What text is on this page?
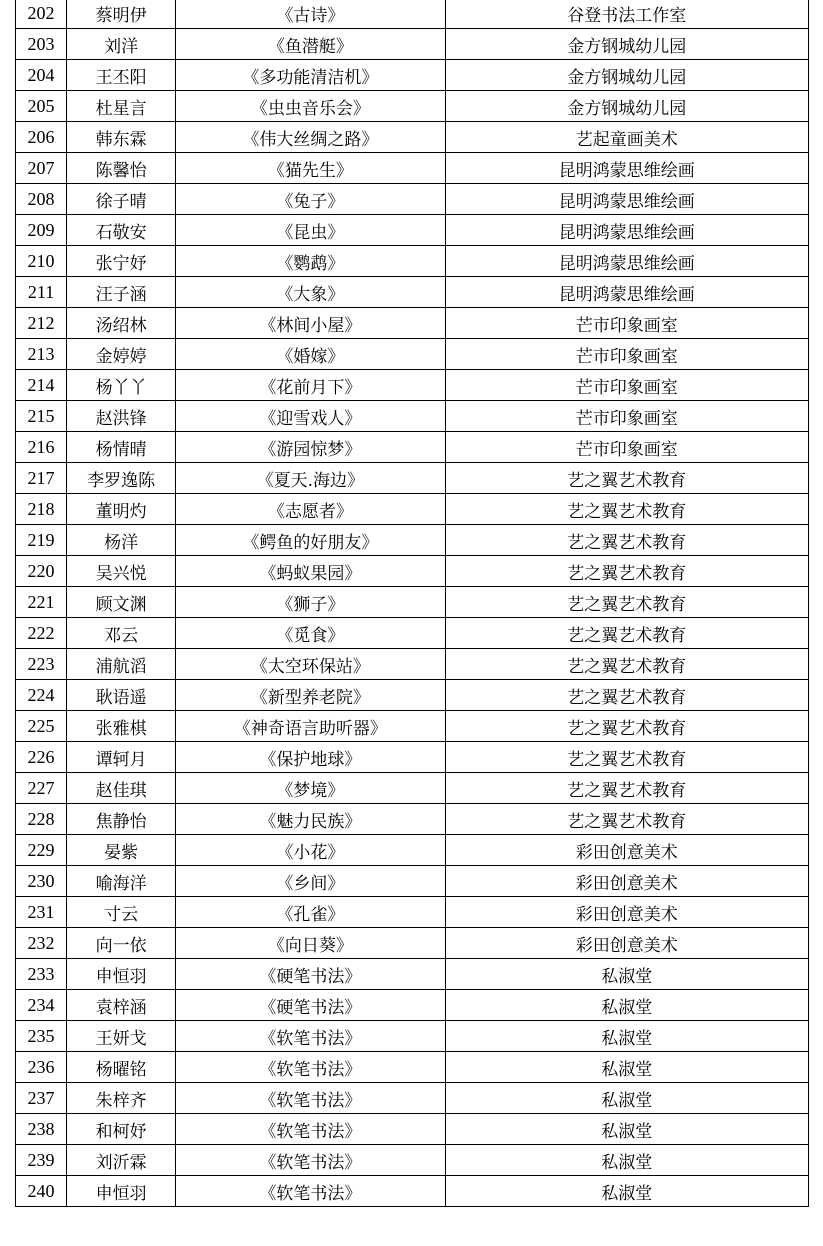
202	蔡明伊	《古诗》	谷登书法工作室
203	刘洋	《鱼潜艇》	金方钢城幼儿园
204	王丕阳	《多功能清洁机》	金方钢城幼儿园
205	杜星言	《虫虫音乐会》	金方钢城幼儿园
206	韩东霖	《伟大丝绸之路》	艺起童画美术
207	陈馨怡	《猫先生》	昆明鸿蒙思维绘画
208	徐子晴	《兔子》	昆明鸿蒙思维绘画
209	石敬安	《昆虫》	昆明鸿蒙思维绘画
210	张宁妤	《鹦鹉》	昆明鸿蒙思维绘画
211	汪子涵	《大象》	昆明鸿蒙思维绘画
212	汤绍林	《林间小屋》	芒市印象画室
213	金婷婷	《婚嫁》	芒市印象画室
214	杨丫丫	《花前月下》	芒市印象画室
215	赵洪锋	《迎雪戏人》	芒市印象画室
216	杨情晴	《游园惊梦》	芒市印象画室
217	李罗逸陈	《夏天.海边》	艺之翼艺术教育
218	董明灼	《志愿者》	艺之翼艺术教育
219	杨洋	《鳄鱼的好朋友》	艺之翼艺术教育
220	吴兴悦	《蚂蚁果园》	艺之翼艺术教育
221	顾文渊	《狮子》	艺之翼艺术教育
222	邓云	《觅食》	艺之翼艺术教育
223	浦航滔	《太空环保站》	艺之翼艺术教育
224	耿语遥	《新型养老院》	艺之翼艺术教育
225	张雅棋	《神奇语言助听器》	艺之翼艺术教育
226	谭轲月	《保护地球》	艺之翼艺术教育
227	赵佳琪	《梦境》	艺之翼艺术教育
228	焦静怡	《魅力民族》	艺之翼艺术教育
229	晏紫	《小花》	彩田创意美术
230	喻海洋	《乡间》	彩田创意美术
231	寸云	《孔雀》	彩田创意美术
232	向一依	《向日葵》	彩田创意美术
233	申恒羽	《硬笔书法》	私淑堂
234	袁梓涵	《硬笔书法》	私淑堂
235	王妍戈	《软笔书法》	私淑堂
236	杨曜铭	《软笔书法》	私淑堂
237	朱梓齐	《软笔书法》	私淑堂
238	和柯妤	《软笔书法》	私淑堂
239	刘沂霖	《软笔书法》	私淑堂
240	申恒羽	《软笔书法》	私淑堂
